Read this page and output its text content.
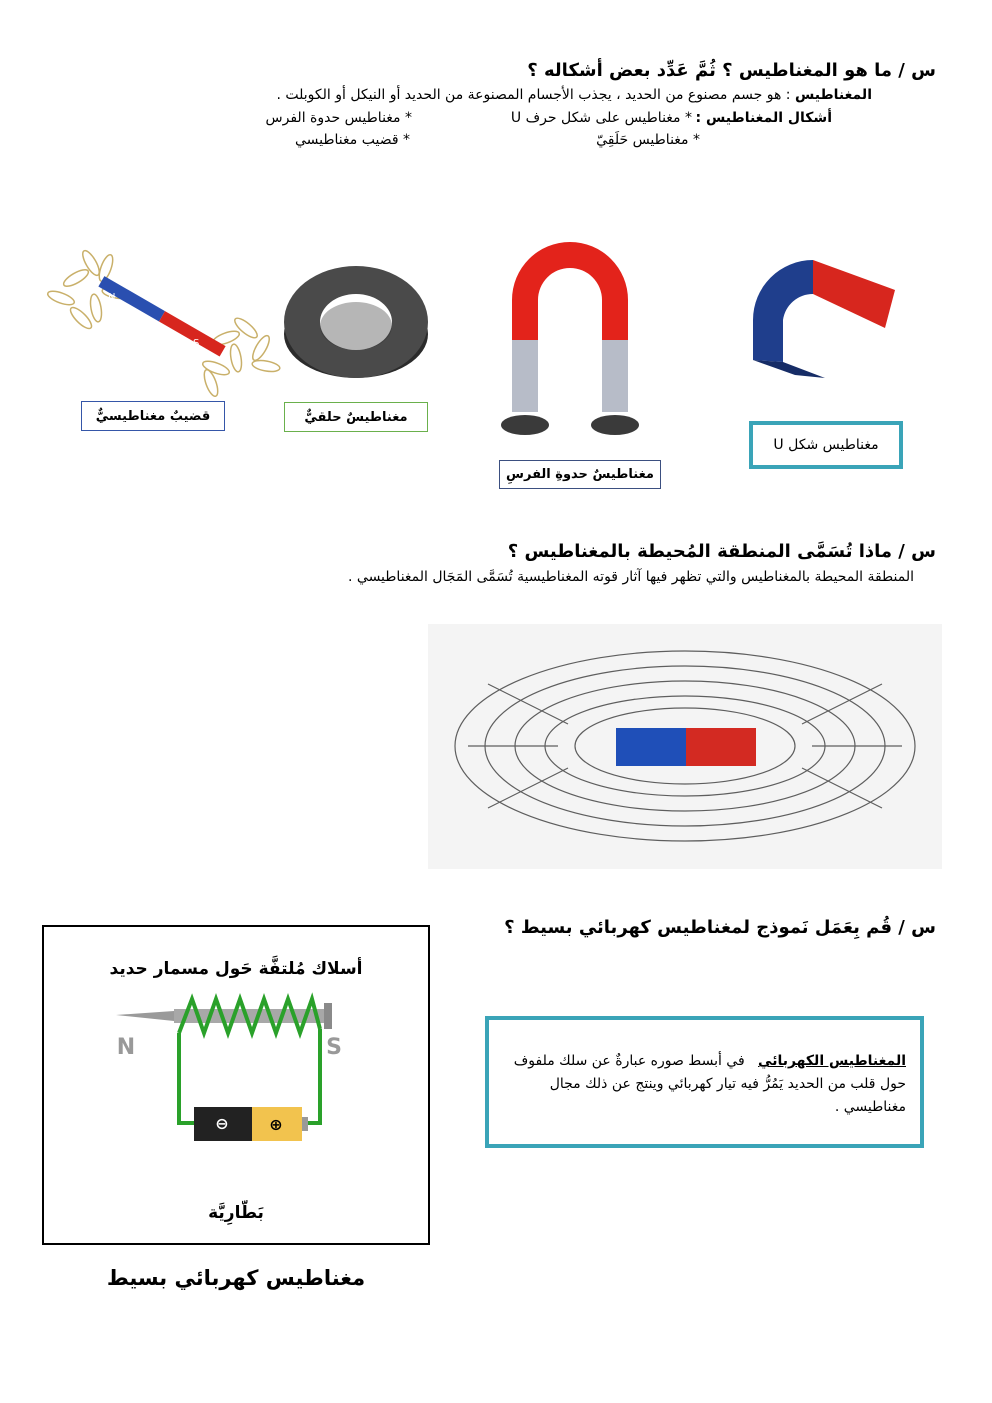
س / ما هو المغناطيس ؟ ثُمَّ عَدِّد بعض أشكاله ؟
المغناطيس : هو جسم مصنوع من الحديد ، يجذب الأجسام المصنوعة من الحديد أو النيكل أو الكوبلت .
أشكال المغناطيس :
* مغناطيس على شكل حرف U
* مغناطيس حدوة الفرس
* مغناطيس حَلَقِيّ
* قضيب مغناطيسي
N
S
قضيبٌ مغناطيسيٌّ	مغناطيسٌ حلقيٌّ
مغناطيسٌ حدوةِ الفرسِ
مغناطيس شكل U
س / ماذا تُسَمَّى المنطقة المُحيطة بالمغناطيس ؟
المنطقة المحيطة بالمغناطيس والتي تظهر فيها آثار قوته المغناطيسية تُسَمَّى المَجَال المغناطيسي .
س / قُم بِعَمَل نَموذج لمغناطيس كهربائي بسيط ؟
أسلاك مُلتفَّة حَول مسمار حديد
⊖	⊕
N	S
بَطّارِيَّة
مغناطيس كهربائي بسيط
المغناطيس الكهربائي   في أبسط صوره عبارةٌ عن سلك ملفوف حول قلب من الحديد يَمُرُّ فيه تيار كهربائي وينتج عن ذلك مجال مغناطيسي .
